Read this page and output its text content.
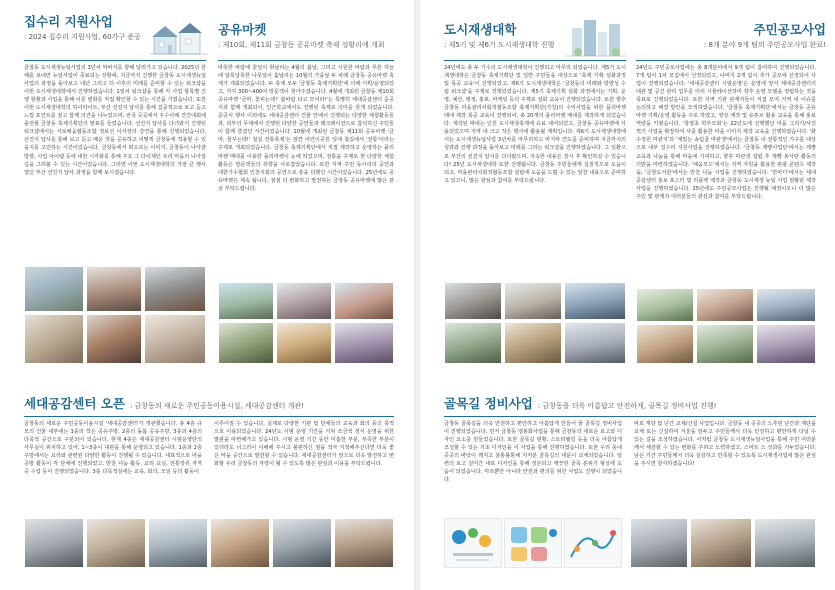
집수리 지원사업
: 2024 집수리 지원사업, 60가구 준공
금창동 도시재생뉴딜사업의 3년차 막바지를 향해 달려가고 있습니다. 2025년 한 해를 보내면 뉴딜사업이 종료되는 상황에, 지금까지 진행한 금창동 도시재생뉴딜사업의 과정을 돌아보고 내년 그리고 더 이후의 미래를 준비할 수 있는 워크샵을 이번 도시재생대학에서 진행하였습니다. 1일차 워크샵을 통해 각 사업 항목별 진행 현황과 사업을 통해 이룬 변화를 직접 확인할 수 있는 시간을 가졌습니다. 또한 이번 도시재생대학의 하이라이트, 부산 선진지 답사를 통해 집중적으로 보고 듣고 느낄 포인트를 짚고 함께 의견을 나누었으며, 전국 곳곳에서 우수사례 견진대회에 출전할 금창동 축제기획단의 발표를 들었습니다. 선진지 답사를 다녀와서 진행된 워크샵에서는 서로배움협동조합 정보선 이사장의 강연을 통해 진행되었습니다. 선진지 답사를 통해 보고 듣고 배운 것을 공유하고 어떻게 금창동에 적용할 수 있을지를 고민하는 시간이었습니다. 금창동에서 떠오르는 이미지, 금창동이 나아갈 방향, 사업 아이템 등에 대한 시각화를 통해 주요 그 다이제인 우리 마을의 나아갈 길을 그려볼 수 있는 시간이었습니다. 그러면 이번 도시재생대학의 가장 큰 행사였던 부산 선진지 답사 과정을 함께 보시겠습니다.
공유마켓
: 제10회, 제11회 금창동 공유마켓 축제 성황리에 개최
따뜻한 바람에 꽃잎이 휘날리는 4월의 봄날, 그리고 시원한 바람과 푸른 하늘에 알록달록한 나뭇잎이 흩날리는 10월의 가을날 두 차례 금창동 공유마켓 축제가 개최되었습니다. 두 축제 모두 '금창동 축제기획단'에 의해 기획/운영되었고, 각각 300~400여 방문객이 찾아주셨습니다. 4월에 개최된 금창동 제10회 공유마켓 '금마, 꽃피는데!' 봄바람 타고 모여라!'는 특별히 세대공감센터 준공식과 함께 개최되어, 인근학교에서도 진행된 축제로 의미를 갖게 되었습니다. 준공식 행사 이외에도 세대공감센터 건물 안에서 진행되는 다양한 체험활동들과, 외부의 무대에서 진행된 다양한 공연들과 레크레이션으로 참석하신 주민들이 함께 즐겼던 시간이었습니다. 10월에 개최된 금창동 제11회 공유마켓 '금마, 꿈꾸는데!' 철길 전통축제'는 잠깐 어린이공원 일대 철길에서 '전통'이라는 주제로 개최되었습니다. 금창동 축제기획단에서 직접 제작하고 운영하는 플리마켓 매대를 이용한 플리마켓이 눈에 띄었으며, 전통을 주제로 한 다양한 체험활동은 방문객들의 취향을 사로잡았습니다. 또한 지역 주민 동아리의 공연과 대한가수협회 인천지회의 공연으로 흥을 더했던 시간이었습니다. 25년에도 공유마켓은 계속 됩니다. 점점 더 변화하고 발전하는 금창동 공유마켓에 많은 관심 부탁드립니다.
도시재생대학
: 제5기 및 제6기 도시재생대학 진행
24년에도 총 두 기수의 도시재생대학이 진행되고 마무리 되었습니다. 제5기 도시재생대학은 금창동 축제기획단 및 일반 주민들을 대상으로 '축제 기획 심화과정 및 목공 교육'이 진행되었고, 제6기 도시재생대학은 '금창동의 미래와 방향성 수립 워크샵'을 주제로 진행되었습니다. 제5기 축제기획 심화 과정에서는 기획, 운영, 예산, 행정, 홍보, 마케팅 등의 주제로 심화 교육이 진행되었습니다. 또한 향후 금창동 마을관리사회적협동조합 축제기획단(가칭)의 수익사업을 위한 플리마켓 매대 제작 목공 교육이 진행되어, 총 20개의 플리마켓 매대를 제작하게 되었습니다. 제작된 매대는 인천 도시재생축제에 유료 대여되었고, 금창동 공유마켓에 사용되었으며 지역 내 크고 작은 행사에 활용될 계획입니다. 제6기 도시재생대학에서는 도시재생뉴딜사업 3년차를 마무리하고 마지막 연도를 준비하며 지금까지의 성과와 진행 과정을 돌아보고 미래를 그리는 워크샵을 진행하였습니다. 그 일환으로 부산의 선진지 답사를 다녀왔으며, 지속한 내용은 장시 후 확인하실 수 있습니다! 25년 도시재생대학 또한 진행됩니다. 금창동 주민들에게 실질적으로 도움이 되고, 마을관리사회적협동조합 설립에 도움을 드릴 수 있는 알찬 내용으로 준비하고 있으니, 많은 관심과 참여를 부탁드립니다.
주민공모사업
: 8개 분야 9개 팀의 주민공모사업 완료!
24년도 주민공모사업에는 총 8개분야에서 9개 팀이 참여하여 진행되었습니다. 7개 팀이 1차 모집에서 선정되었고, 나머지 2개 팀이 추가 공모에 선정되어 사업이 진행되었습니다. '세대공감센터 시범운영'은 운영에 앞서 세대공감센터의 대관 및 공간 관리 업무를 미리 시뮬레이션하며 향후 운영 모델을 정립하는 것을 목표로 진행되었습니다. 또한 지역 기관 관계자들이 직접 모여 지역 내 이슈를 논의하고 해결 방안을 모색하였습니다. '금창동 축제기획단'에서는 금창동 공유마켓 기획/운영 활동을 주로 하였고, 영상 제작 및 유튜브 활용 교육을 통해 홍보 역량을 키웠습니다. '창영초 학부모회'는 22년도에 진행했던 마을 그리기/사진 찍기 사업을 확장하여 사를 활용한 마을 이미지 제작 교육을 진행하였습니다. '화수정원 마관지'과 '재밌는 송림골 마관생'에서는 금창동 내 전통적인 가구를 대상으로 내부 집수리 지원사업을 진행하였습니다. '금창동 제빵사업단'에서는 제빵 교육과 나눔을 통해 마을에 기여하고, 향후 마관생 설립 후 제빵 봉사단 활동의 기반을 마련하였습니다. '채움모드'에서는 지역 자원을 활용한 관광 콘텐츠 제작을, '금창도서관'에서는 반찬 나눔 사업을 진행하였습니다. '한마디'에서는 세대공감센터 홍보 포스터 및 리플렛 제작과 금창동 도시재생 뉴딜 사업 현황판 제작 사업을 진행하였습니다. 25년에도 주민공모사업은 진행될 예정이오니 더 많은 주민 및 관계자 여러분들의 관심과 참여를 부탁드립니다.
세대공감센터 오픈 : 금창동의 새로운 주민공동이용시설, 세대공감센터 개관!
금창동의 새로운 주민공동이용시설 '세대공감센터'가 개관했습니다. 총 4층 규모의 건물 내부에는 1층의 작은 공유주방, 2층의 돌봄 공유주방, 3층과 4층의 다목적 공간으로 구분되어 있습니다. 현재 4층은 세대공감센터 시범운영단의 사무실이 위치하고 있어, 1~3층이 대관을 통해 운영되고 있습니다. 1층과 2층 주방에서는 요리와 관련된 다양한 활동이 진행될 수 있습니다. 대표적으로 마을 공방 활동이 각 단체에 진행되었고, 반찬 나눔 활동, 교리 교실, 전통장류 자격증 수업 등이 진행되었습니다. 3층 다목적실에는 교육, 회의, 모임 등의 활동이
이루어질 수 있습니다. 실제로 다양한 기관 및 단체들의 교육과 회의 등의 목적으로 이용되었습니다. 24년도 시범 운영 기간을 거쳐 조금씩 정식 운영을 위한 발판을 마련해가고 있습니다. 시범 운영 기간 동안 미흡한 부분, 부족한 부분이 있더라도 너그러이 이해해 주시고 불편하신 점을 적극 지적해주신다면 더욱 좋은 마을 공간으로 발전할 수 있습니다. 세대공감센터가 앞으로 더욱 발전하고 변화할 우리 금창동의 자랑이 될 수 있도록 많은 관심과 이용을 부탁드립니다.
골목길 정비사업 : 금창동을 더욱 아름답고 안전하게, 골목길 정비사업 진행!
금창동 골목길을 더욱 안전하고 편안하고 아름답게 만들어 줄 골목길 정비사업이 진행되었습니다. 먼저 금창동 앵봉화사업을 통해 금창동의 새로운 로고와 디자인 요소를 만들었습니다. 또한 골목길 현황, 스토리텔링 등을 더욱 아름답게 조성할 수 있는 기초 디자인을 이 사업을 통해 진행하였습니다. 또한 우리 동네 곳곳의 바닥이 깨지고 울퉁불퉁해 지저분 골목길의 대문이 교체되었습니다. 일련의 보고 걸어간 대로 디자인을 통해 정돈되고 깨끗한 골목 분위기 형성에 도움이 되었습니다. 마르뿐만 아니라 안전과 편의를 위한 사업도 진행이 되었습니다.
바로 계단 및 난간 교체/신설 사업입니다. 금창동 내 곳곳의 노후된 난간과 계단을 교체 또는 신설하여 겨울을 앞두고 주민들께서 더욱 안전하고 편안하게 다닐 수 있는 길을 조성하였습니다. 이처럼 금창동 도시재생뉴딜사업을 통해 주민 여러분께서 체감할 수 있는 변화를 주려고 노력하였고, 스마트 스 성과를 거두었습니다. 남은 기간 주민들께서 더욱 실감하고 만족할 수 있도록 도시재생사업에 많은 관심을 주시면 감사하겠습니다!
